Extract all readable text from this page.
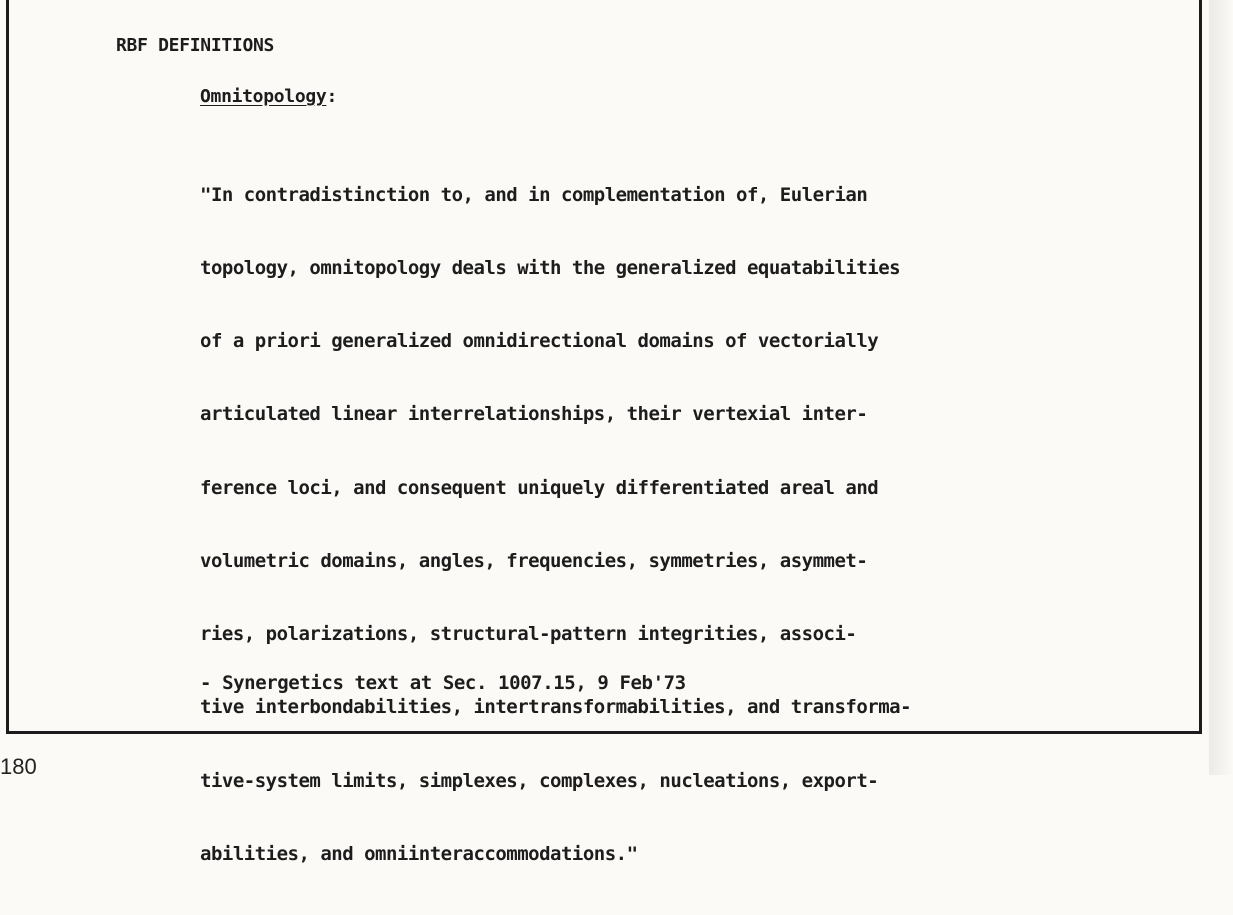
RBF DEFINITIONS

Omnitopology:

"In contradistinction to, and in complementation of, Eulerian

topology, omnitopology deals with the generalized equatabilities

of a priori generalized omnidirectional domains of vectorially

articulated linear interrelationships, their vertexial inter-

ference loci, and consequent uniquely differentiated areal and

volumetric domains, angles, frequencies, symmetries, asymmet-

ries, polarizations, structural-pattern integrities, associ-

tive interbondabilities, intertransformabilities, and transforma-

tive-system limits, simplexes, complexes, nucleations, export-

abilities, and omniinteraccommodations."

- Synergetics text at Sec. 1007.15, 9 Feb'73

180
